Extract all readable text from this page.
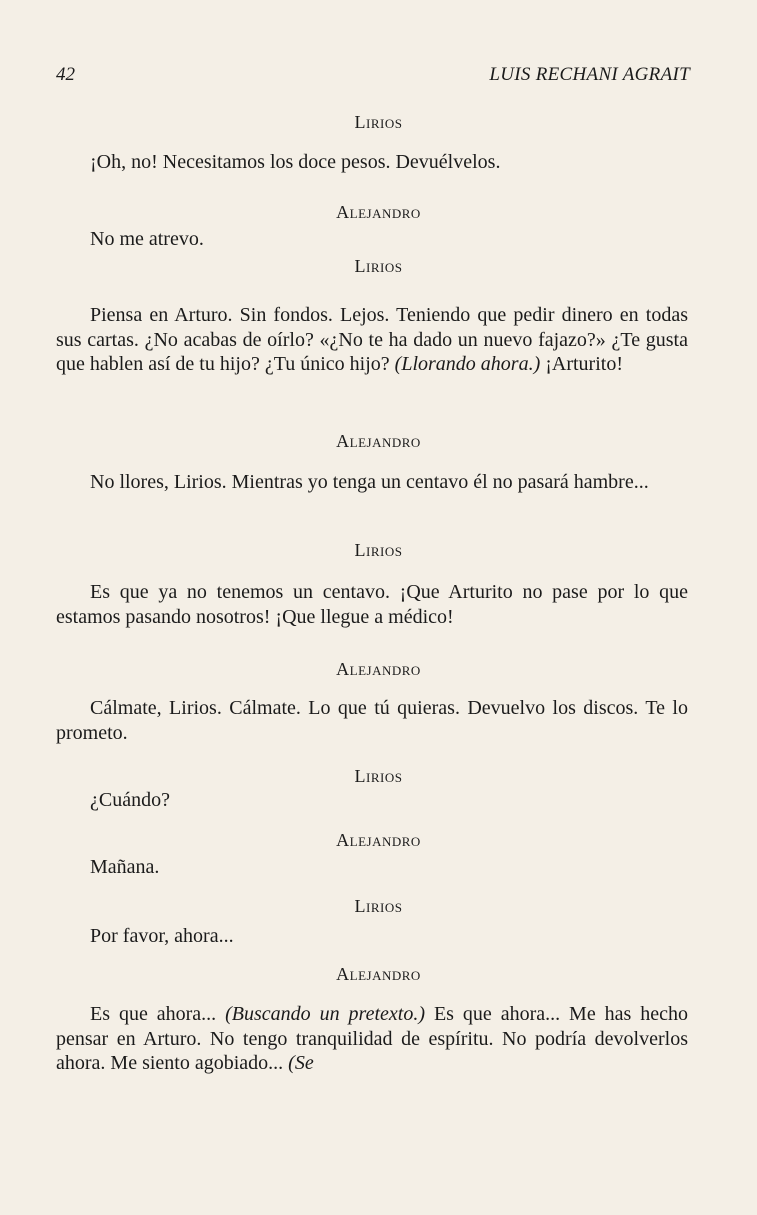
42	LUIS RECHANI AGRAIT
Lirios

¡Oh, no! Necesitamos los doce pesos. Devuélvelos.

Alejandro

No me atrevo.

Lirios

Piensa en Arturo. Sin fondos. Lejos. Teniendo que pedir dinero en todas sus cartas. ¿No acabas de oírlo? «¿No te ha dado un nuevo fajazo?» ¿Te gusta que hablen así de tu hijo? ¿Tu único hijo? (Llorando ahora.) ¡Arturito!

Alejandro

No llores, Lirios. Mientras yo tenga un centavo él no pasará hambre...

Lirios

Es que ya no tenemos un centavo. ¡Que Arturito no pase por lo que estamos pasando nosotros! ¡Que llegue a médico!

Alejandro

Cálmate, Lirios. Cálmate. Lo que tú quieras. Devuelvo los discos. Te lo prometo.

Lirios

¿Cuándo?

Alejandro

Mañana.

Lirios

Por favor, ahora...

Alejandro

Es que ahora... (Buscando un pretexto.) Es que ahora... Me has hecho pensar en Arturo. No tengo tranquilidad de espíritu. No podría devolverlos ahora. Me siento agobiado... (Se
